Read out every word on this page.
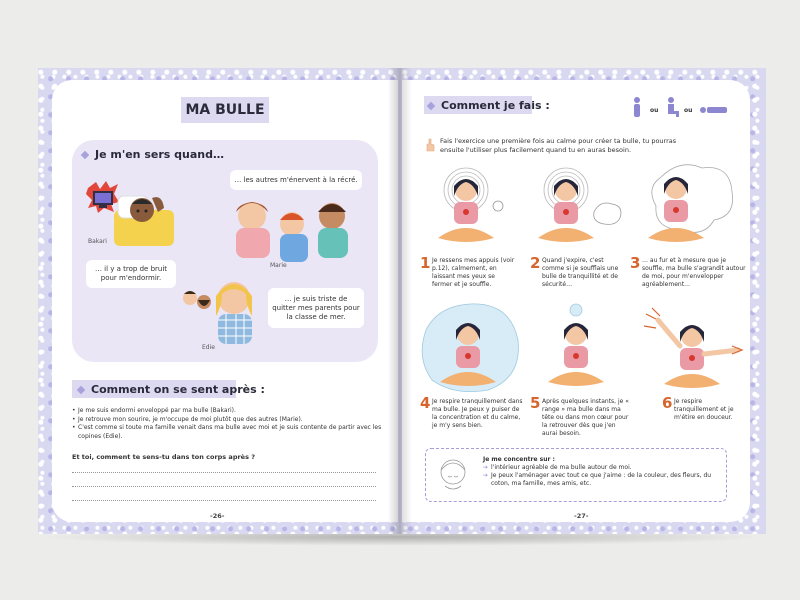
MA BULLE
Je m'en sers quand…
Bakari
… les autres m'énervent à la récré.
… il y a trop de bruit pour m'endormir.
… je suis triste de quitter mes parents pour la classe de mer.
Marie
Edie
Comment on se sent après :
• Je me suis endormi enveloppé par ma bulle (Bakari).
• Je retrouve mon sourire, je m'occupe de moi plutôt que des autres (Marie).
• C'est comme si toute ma famille venait dans ma bulle avec moi et je suis contente de partir avec les copines (Edie).
Et toi, comment te sens-tu dans ton corps après ?
-26-
Comment je fais :	ou	ou
Fais l'exercice une première fois au calme pour créer ta bulle, tu pourras ensuite l'utiliser plus facilement quand tu en auras besoin.
1 Je ressens mes appuis (voir p.12), calmement, en laissant mes yeux se fermer et je souffle.
2 Quand j'expire, c'est comme si je soufflais une bulle de tranquillité et de sécurité…
3 … au fur et à mesure que je souffle, ma bulle s'agrandit autour de moi, pour m'envelopper agréablement…
4 Je respire tranquillement dans ma bulle. Je peux y puiser de la concentration et du calme, je m'y sens bien.
5 Après quelques instants, je « range » ma bulle dans ma tête ou dans mon cœur pour la retrouver dès que j'en aurai besoin.
6 Je respire tranquillement et je m'étire en douceur.
Je me concentre sur :
➔ l'intérieur agréable de ma bulle autour de moi.
➔ Je peux l'aménager avec tout ce que j'aime : de la couleur, des fleurs, du coton, ma famille, mes amis, etc.
-27-
